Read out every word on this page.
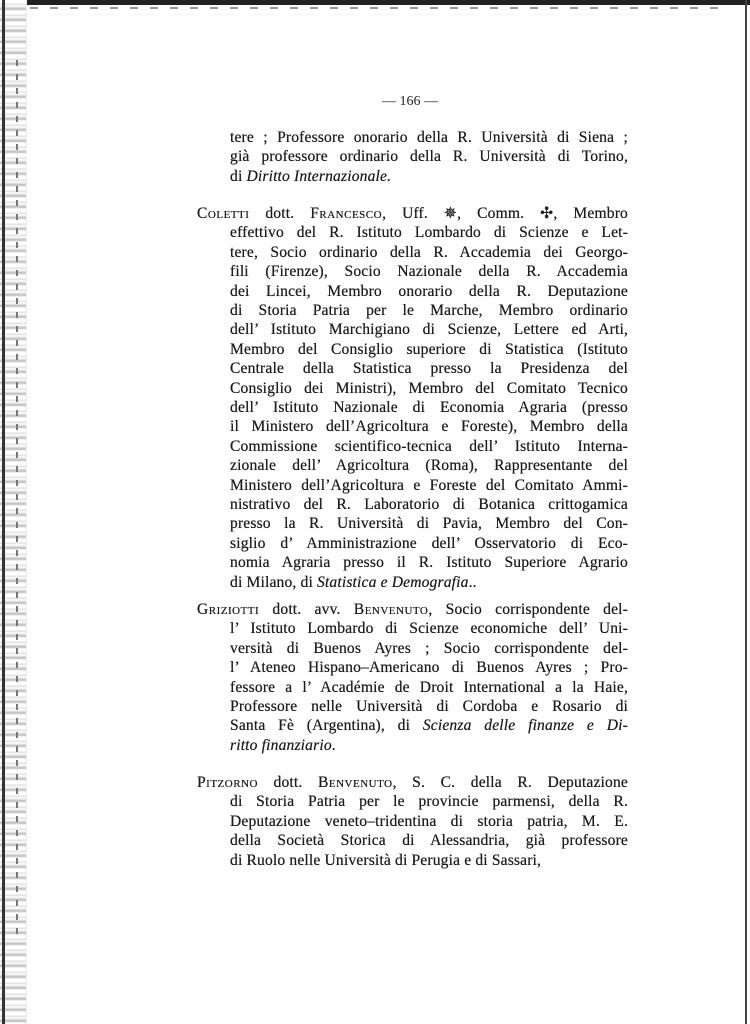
— 166 —
tere ; Professore onorario della R. Università di Siena ;
già professore ordinario della R. Università di Torino,
di Diritto Internazionale.
Coletti dott. Francesco, Uff. ✵, Comm. ✣, Membro
effettivo del R. Istituto Lombardo di Scienze e Let-
tere, Socio ordinario della R. Accademia dei Georgo-
fili (Firenze), Socio Nazionale della R. Accademia
dei Lincei, Membro onorario della R. Deputazione
di Storia Patria per le Marche, Membro ordinario
dell’ Istituto Marchigiano di Scienze, Lettere ed Arti,
Membro del Consiglio superiore di Statistica (Istituto
Centrale della Statistica presso la Presidenza del
Consiglio dei Ministri), Membro del Comitato Tecnico
dell’ Istituto Nazionale di Economia Agraria (presso
il Ministero dell’Agricoltura e Foreste), Membro della
Commissione scientifico-tecnica dell’ Istituto Interna-
zionale dell’ Agricoltura (Roma), Rappresentante del
Ministero dell’Agricoltura e Foreste del Comitato Ammi-
nistrativo del R. Laboratorio di Botanica crittogamica
presso la R. Università di Pavia, Membro del Con-
siglio d’ Amministrazione dell’ Osservatorio di Eco-
nomia Agraria presso il R. Istituto Superiore Agrario
di Milano, di Statistica e Demografia..
Griziotti dott. avv. Benvenuto, Socio corrispondente del-
l’ Istituto Lombardo di Scienze economiche dell’ Uni-
versità di Buenos Ayres ; Socio corrispondente del-
l’ Ateneo Hispano–Americano di Buenos Ayres ; Pro-
fessore a l’ Académie de Droit International a la Haie,
Professore nelle Università di Cordoba e Rosario di
Santa Fè (Argentina), di Scienza delle finanze e Di-
ritto finanziario.
Pitzorno dott. Benvenuto, S. C. della R. Deputazione
di Storia Patria per le provincie parmensi, della R.
Deputazione veneto–tridentina di storia patria, M. E.
della Società Storica di Alessandria, già professore
di Ruolo nelle Università di Perugia e di Sassari,
